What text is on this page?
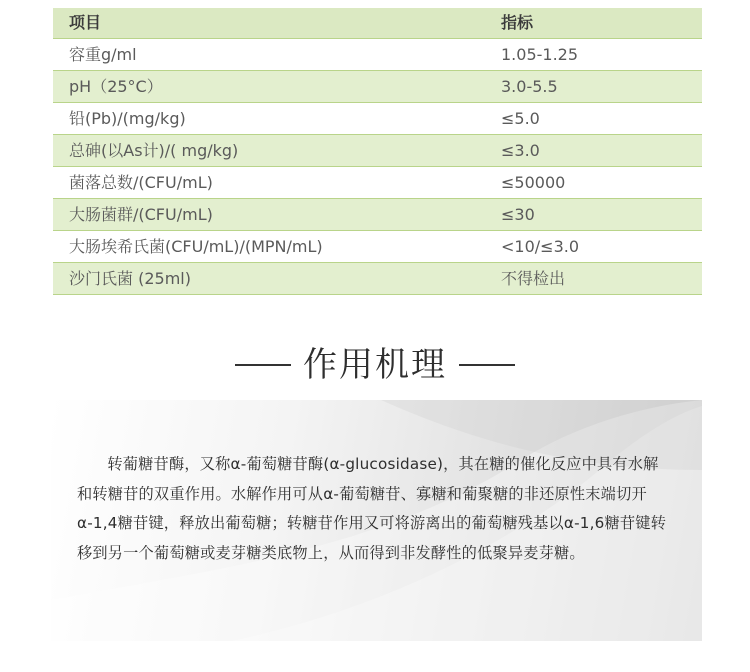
项目	指标
容重g/ml	1.05-1.25
pH（25°C）	3.0-5.5
铅(Pb)/(mg/kg)	≤5.0
总砷(以As计)/( mg/kg)	≤3.0
菌落总数/(CFU/mL)	≤50000
大肠菌群/(CFU/mL)	≤30
大肠埃希氏菌(CFU/mL)/(MPN/mL)	<10/≤3.0
沙门氏菌 (25ml)	不得检出
作用机理

转葡糖苷酶，又称α-葡萄糖苷酶(α-glucosidase)，其在糖的催化反应中具有水解和转糖苷的双重作用。水解作用可从α-葡萄糖苷、寡糖和葡聚糖的非还原性末端切开α-1,4糖苷键，释放出葡萄糖；转糖苷作用又可将游离出的葡萄糖残基以α-1,6糖苷键转移到另一个葡萄糖或麦芽糖类底物上，从而得到非发酵性的低聚异麦芽糖。
